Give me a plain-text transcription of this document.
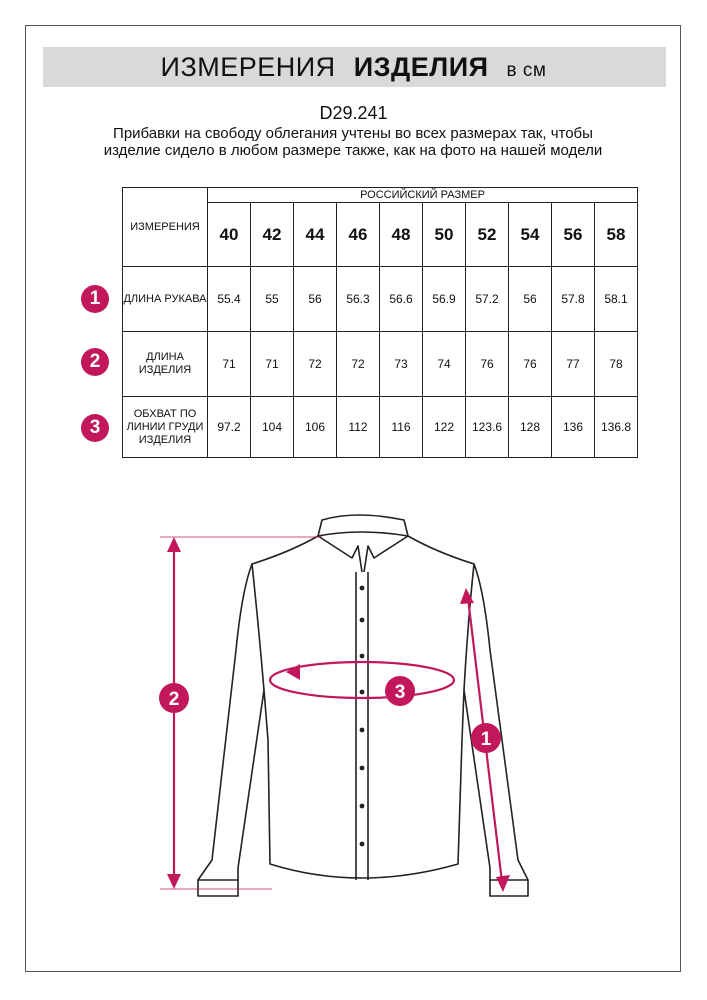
ИЗМЕРЕНИЯ ИЗДЕЛИЯ в см
D29.241
Прибавки на свободу облегания учтены во всех размерах так, чтобы изделие сидело в любом размере также, как на фото на нашей модели
ИЗМЕРЕНИЯ	РОССИЙСКИЙ РАЗМЕР									
	40	42	44	46	48	50	52	54	56	58
ДЛИНА РУКАВА	55.4	55	56	56.3	56.6	56.9	57.2	56	57.8	58.1
ДЛИНА ИЗДЕЛИЯ	71	71	72	72	73	74	76	76	77	78
ОБХВАТ ПО ЛИНИИ ГРУДИ ИЗДЕЛИЯ	97.2	104	106	112	116	122	123.6	128	136	136.8
1
2
3
2	3
1
